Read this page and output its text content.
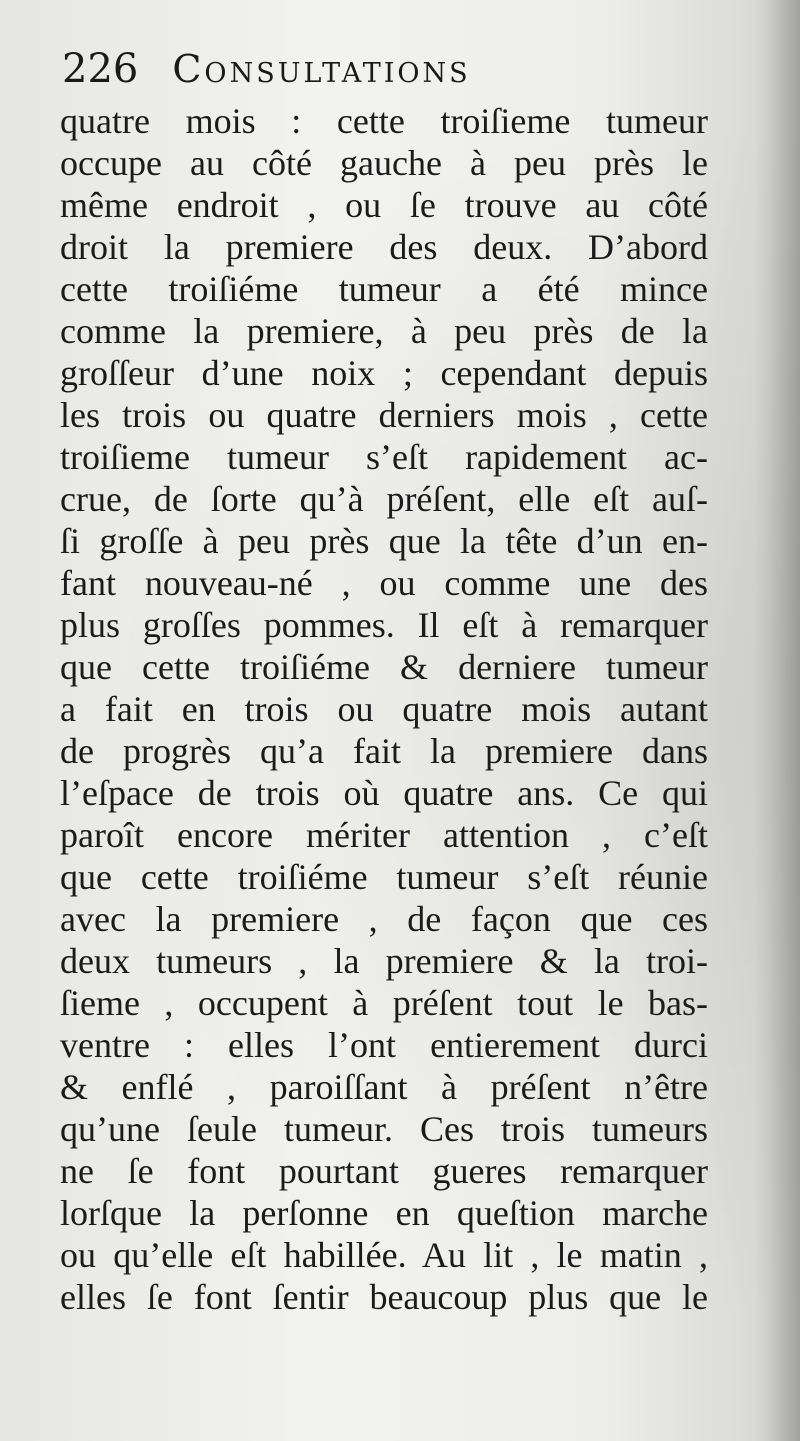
226 Consultations
quatre mois : cette troiſieme tumeur
occupe au côté gauche à peu près le
même endroit , ou ſe trouve au côté
droit la premiere des deux. D’abord
cette troiſiéme tumeur a été mince
comme la premiere, à peu près de la
groſſeur d’une noix ; cependant depuis
les trois ou quatre derniers mois , cette
troiſieme tumeur s’eſt rapidement ac-
crue, de ſorte qu’à préſent, elle eſt auſ-
ſi groſſe à peu près que la tête d’un en-
fant nouveau-né , ou comme une des
plus groſſes pommes. Il eſt à remarquer
que cette troiſiéme & derniere tumeur
a fait en trois ou quatre mois autant
de progrès qu’a fait la premiere dans
l’eſpace de trois où quatre ans. Ce qui
paroît encore mériter attention , c’eſt
que cette troiſiéme tumeur s’eſt réunie
avec la premiere , de façon que ces
deux tumeurs , la premiere & la troi-
ſieme , occupent à préſent tout le bas-
ventre : elles l’ont entierement durci
& enflé , paroiſſant à préſent n’être
qu’une ſeule tumeur. Ces trois tumeurs
ne ſe font pourtant gueres remarquer
lorſque la perſonne en queſtion marche
ou qu’elle eſt habillée. Au lit , le matin ,
elles ſe font ſentir beaucoup plus que le
